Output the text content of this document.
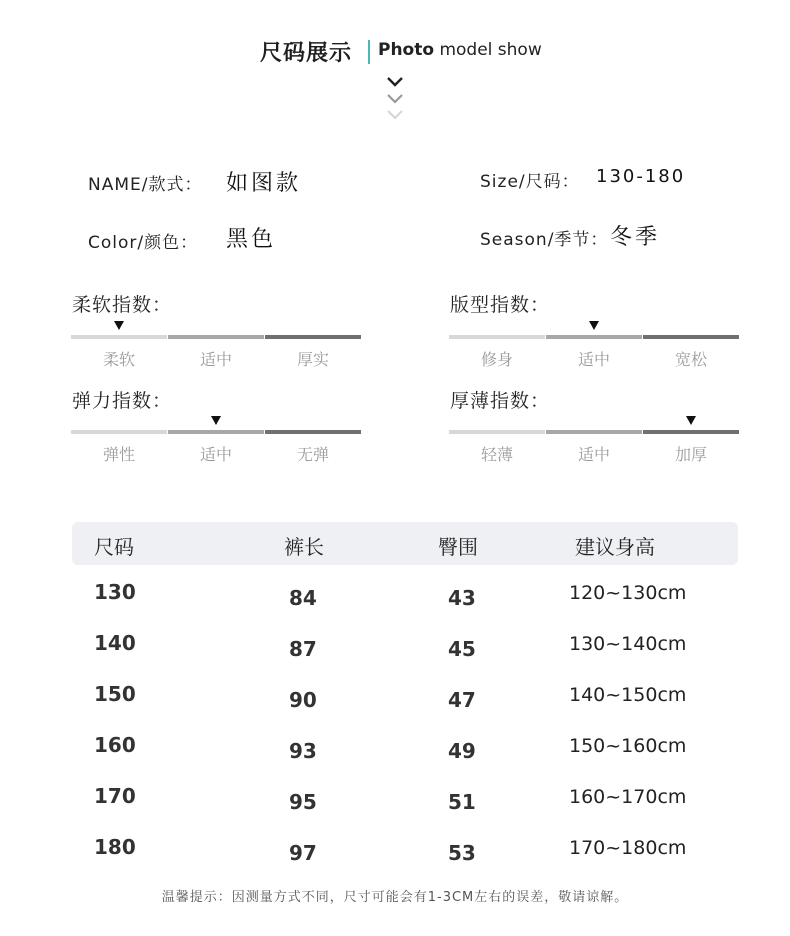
尺码展示 Photo model show
NAME/款式： 如图款	Size/尺码： 130-180
Color/颜色： 黑色	Season/季节： 冬季
柔软指数：
柔软	适中	厚实
版型指数：
修身	适中	宽松
弹力指数：
弹性	适中	无弹
厚薄指数：
轻薄	适中	加厚
尺码	裤长	臀围	建议身高
130	84	43	120~130cm
140	87	45	130~140cm
150	90	47	140~150cm
160	93	49	150~160cm
170	95	51	160~170cm
180	97	53	170~180cm
温馨提示：因测量方式不同，尺寸可能会有1-3CM左右的误差，敬请谅解。
